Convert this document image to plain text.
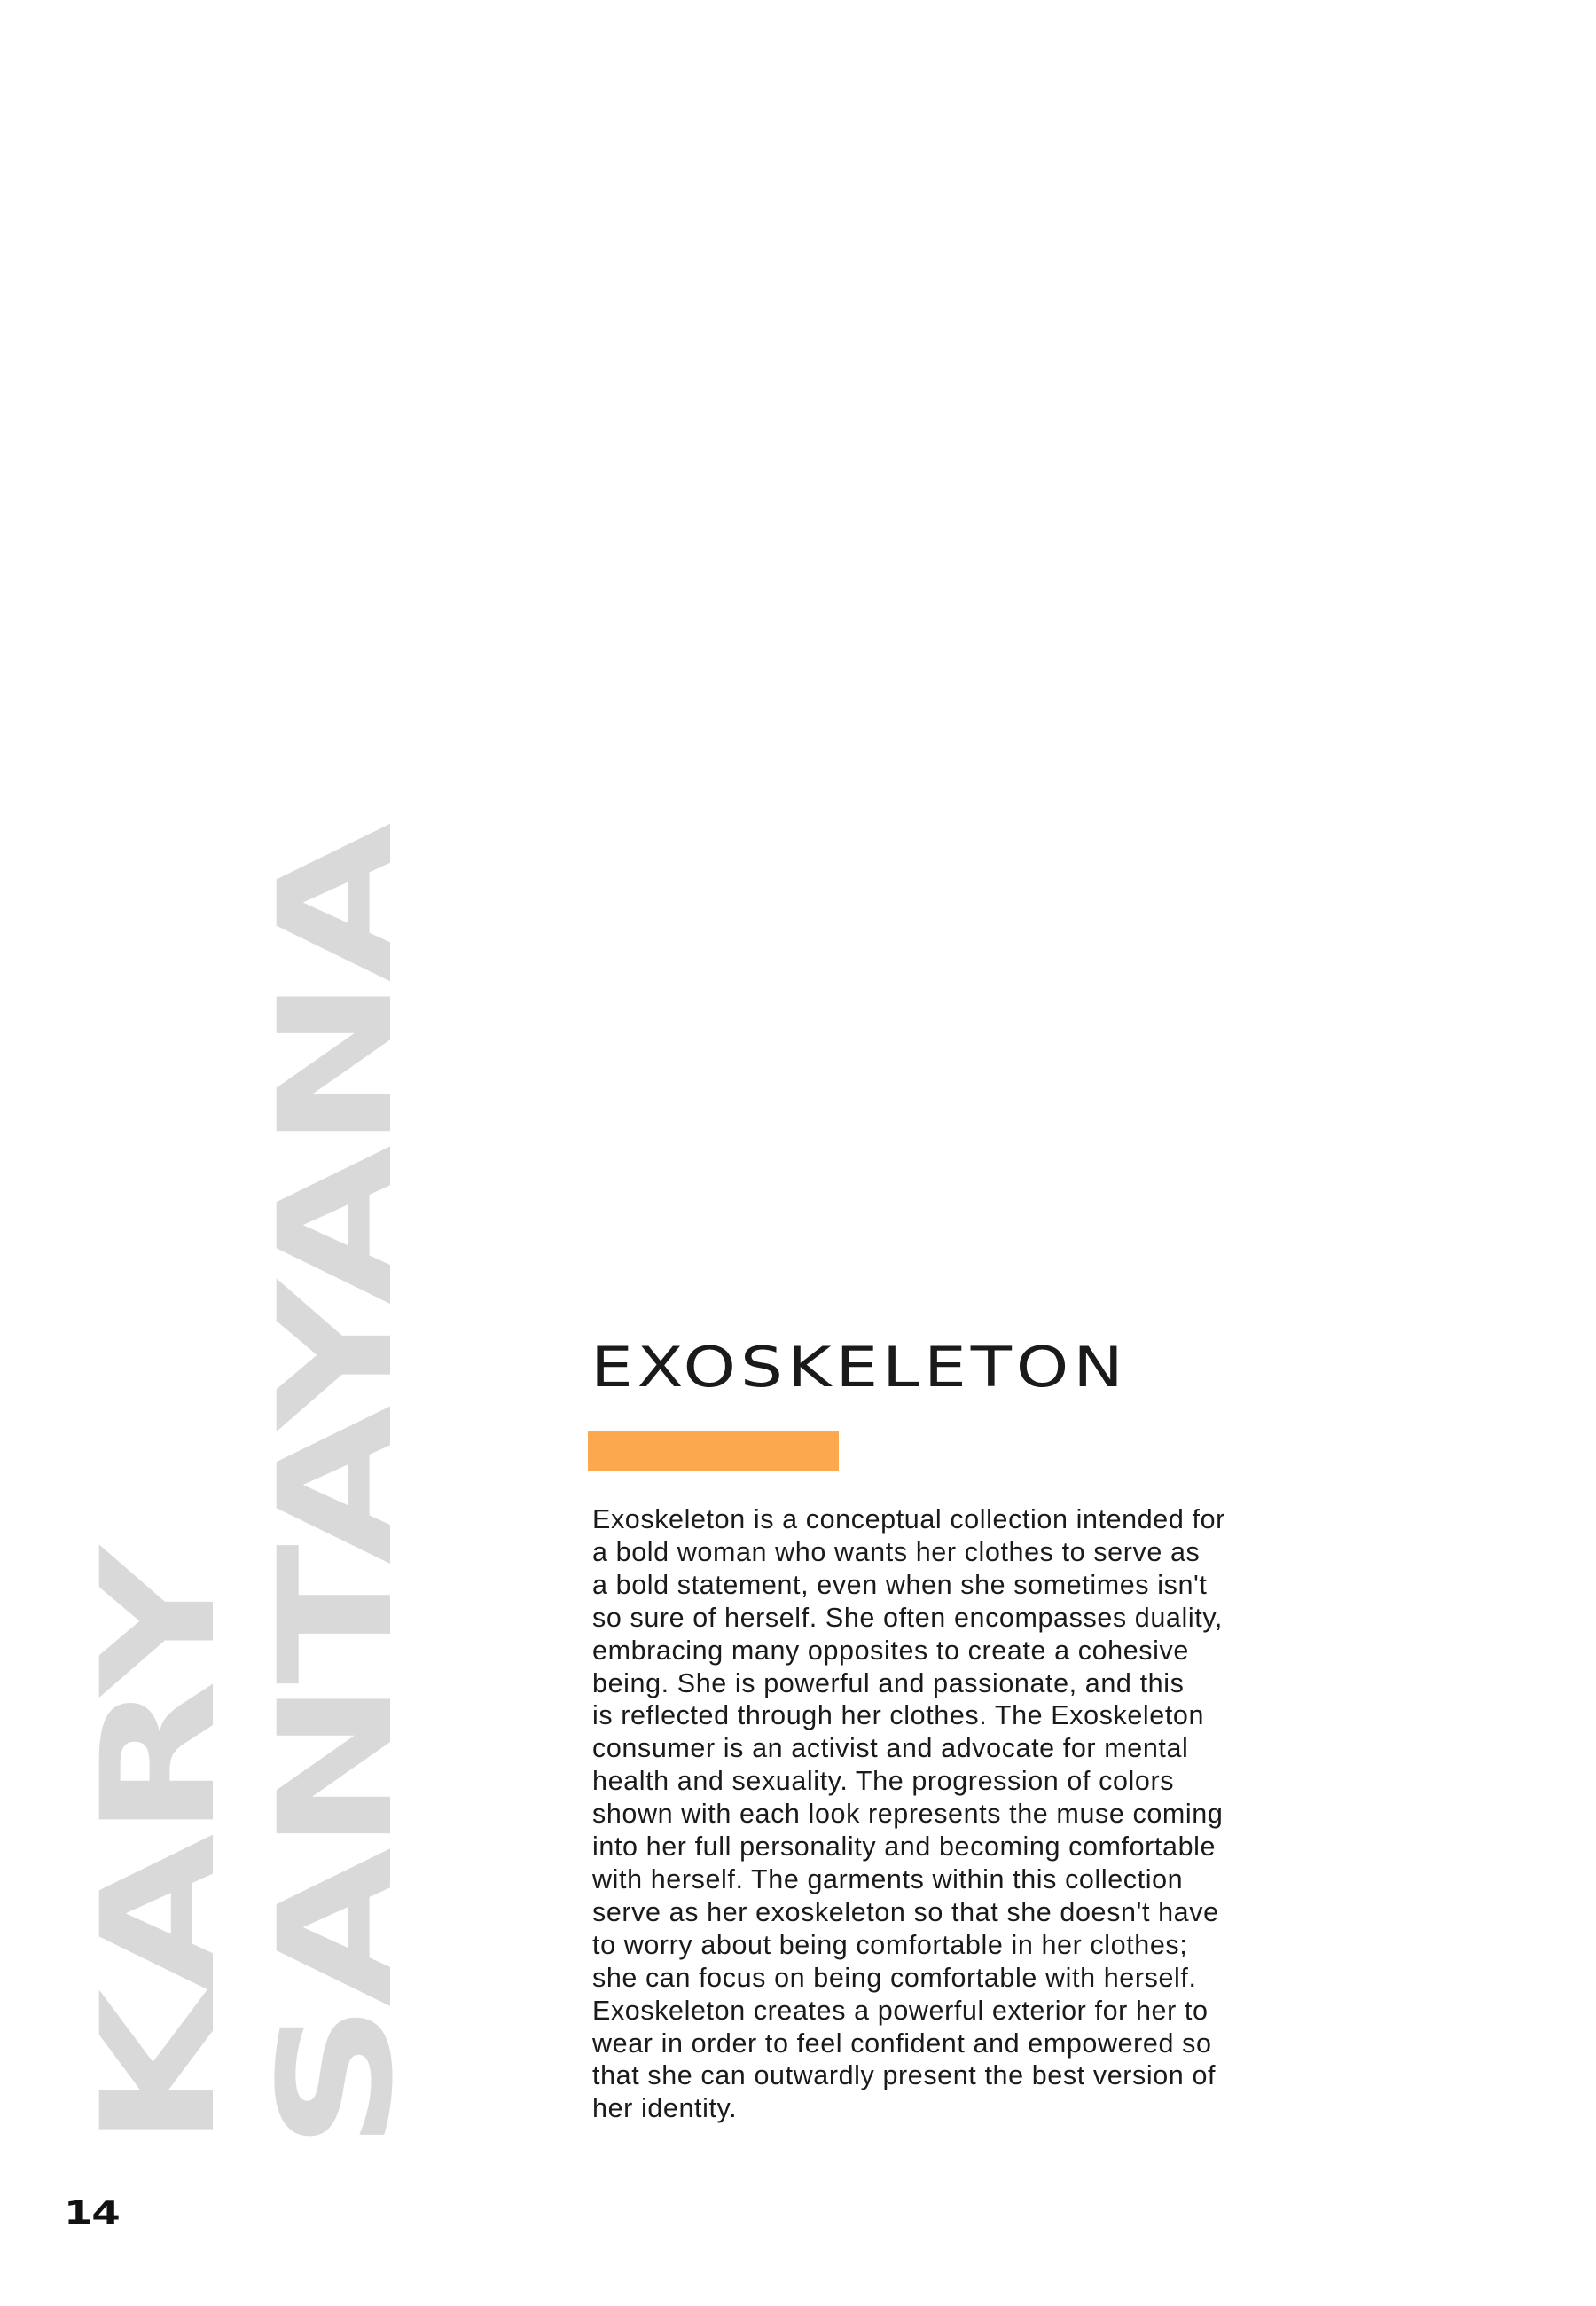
KARY
SANTAYANA	EXOSKELETON
Exoskeleton is a conceptual collection intended for
a bold woman who wants her clothes to serve as
a bold statement, even when she sometimes isn't
so sure of herself. She often encompasses duality,
embracing many opposites to create a cohesive
being. She is powerful and passionate, and this
is reflected through her clothes. The Exoskeleton
consumer is an activist and advocate for mental
health and sexuality. The progression of colors
shown with each look represents the muse coming
into her full personality and becoming comfortable
with herself. The garments within this collection
serve as her exoskeleton so that she doesn't have
to worry about being comfortable in her clothes;
she can focus on being comfortable with herself.
Exoskeleton creates a powerful exterior for her to
wear in order to feel confident and empowered so
that she can outwardly present the best version of
her identity.
14
